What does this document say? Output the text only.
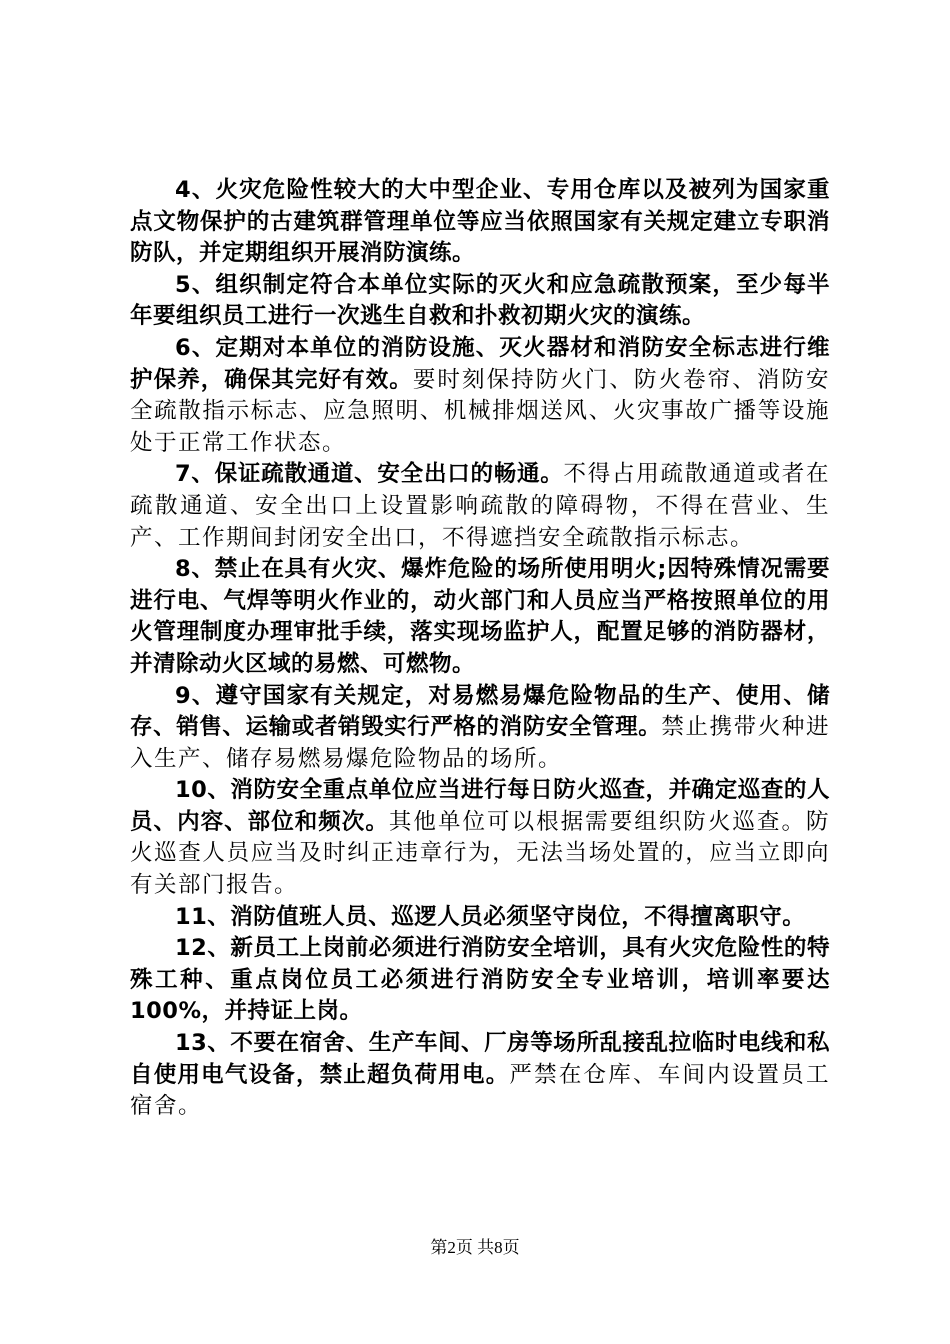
4、火灾危险性较大的大中型企业、专用仓库以及被列为国家重点文物保护的古建筑群管理单位等应当依照国家有关规定建立专职消防队，并定期组织开展消防演练。

5、组织制定符合本单位实际的灭火和应急疏散预案，至少每半年要组织员工进行一次逃生自救和扑救初期火灾的演练。

6、定期对本单位的消防设施、灭火器材和消防安全标志进行维护保养，确保其完好有效。要时刻保持防火门、防火卷帘、消防安全疏散指示标志、应急照明、机械排烟送风、火灾事故广播等设施处于正常工作状态。

7、保证疏散通道、安全出口的畅通。不得占用疏散通道或者在疏散通道、安全出口上设置影响疏散的障碍物，不得在营业、生产、工作期间封闭安全出口，不得遮挡安全疏散指示标志。

8、禁止在具有火灾、爆炸危险的场所使用明火;因特殊情况需要进行电、气焊等明火作业的，动火部门和人员应当严格按照单位的用火管理制度办理审批手续，落实现场监护人，配置足够的消防器材，并清除动火区域的易燃、可燃物。

9、遵守国家有关规定，对易燃易爆危险物品的生产、使用、储存、销售、运输或者销毁实行严格的消防安全管理。禁止携带火种进入生产、储存易燃易爆危险物品的场所。

10、消防安全重点单位应当进行每日防火巡查，并确定巡查的人员、内容、部位和频次。其他单位可以根据需要组织防火巡查。防火巡查人员应当及时纠正违章行为，无法当场处置的，应当立即向有关部门报告。

11、消防值班人员、巡逻人员必须坚守岗位，不得擅离职守。

12、新员工上岗前必须进行消防安全培训，具有火灾危险性的特殊工种、重点岗位员工必须进行消防安全专业培训，培训率要达100%，并持证上岗。

13、不要在宿舍、生产车间、厂房等场所乱接乱拉临时电线和私自使用电气设备，禁止超负荷用电。严禁在仓库、车间内设置员工宿舍。

第2页 共8页
